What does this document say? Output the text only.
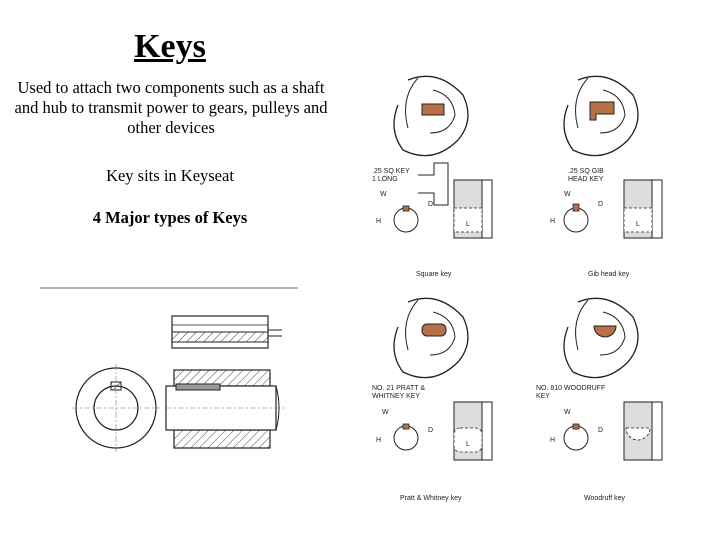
Keys
Used to attach two components such as a shaft and hub to transmit power to gears, pulleys and other devices
Key sits in Keyseat
4 Major types of Keys
.25 SQ KEY
1 LONG
W
H
D
L
Square key
.25 SQ GIB
HEAD KEY
W
H
D
L
Gib head key
NO. 21 PRATT &
WHITNEY KEY
W
H
D
L
Pratt & Whitney key
NO. 810 WOODRUFF
KEY
W
H
D
Woodruff key
